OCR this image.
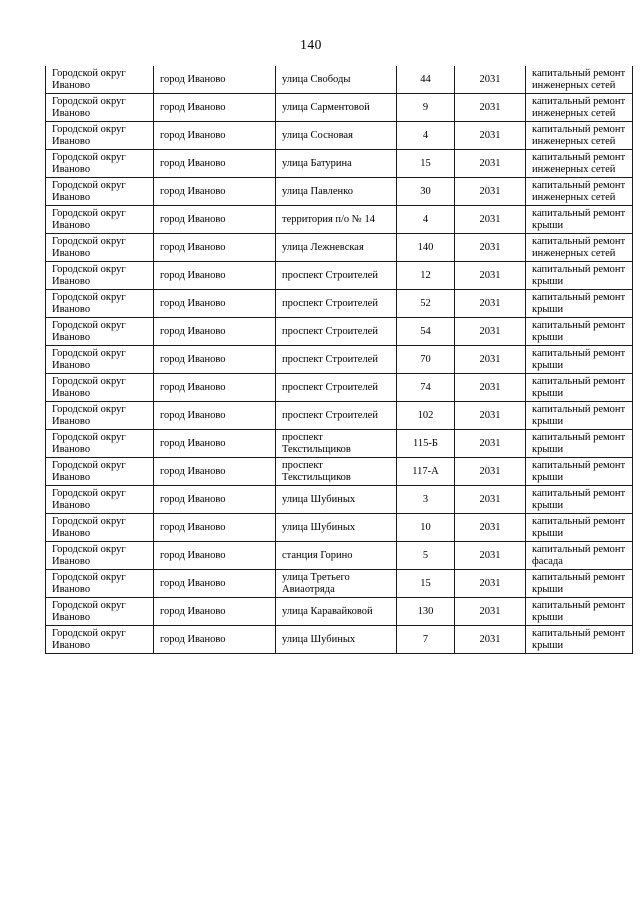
140
Городской округ Иваново	город Иваново	улица Свободы	44	2031	капитальный ремонт инженерных сетей
Городской округ Иваново	город Иваново	улица Сарментовой	9	2031	капитальный ремонт инженерных сетей
Городской округ Иваново	город Иваново	улица Сосновая	4	2031	капитальный ремонт инженерных сетей
Городской округ Иваново	город Иваново	улица Батурина	15	2031	капитальный ремонт инженерных сетей
Городской округ Иваново	город Иваново	улица Павленко	30	2031	капитальный ремонт инженерных сетей
Городской округ Иваново	город Иваново	территория п/о № 14	4	2031	капитальный ремонт крыши
Городской округ Иваново	город Иваново	улица Лежневская	140	2031	капитальный ремонт инженерных сетей
Городской округ Иваново	город Иваново	проспект Строителей	12	2031	капитальный ремонт крыши
Городской округ Иваново	город Иваново	проспект Строителей	52	2031	капитальный ремонт крыши
Городской округ Иваново	город Иваново	проспект Строителей	54	2031	капитальный ремонт крыши
Городской округ Иваново	город Иваново	проспект Строителей	70	2031	капитальный ремонт крыши
Городской округ Иваново	город Иваново	проспект Строителей	74	2031	капитальный ремонт крыши
Городской округ Иваново	город Иваново	проспект Строителей	102	2031	капитальный ремонт крыши
Городской округ Иваново	город Иваново	проспект Текстильщиков	115-Б	2031	капитальный ремонт крыши
Городской округ Иваново	город Иваново	проспект Текстильщиков	117-А	2031	капитальный ремонт крыши
Городской округ Иваново	город Иваново	улица Шубиных	3	2031	капитальный ремонт крыши
Городской округ Иваново	город Иваново	улица Шубиных	10	2031	капитальный ремонт крыши
Городской округ Иваново	город Иваново	станция Горино	5	2031	капитальный ремонт фасада
Городской округ Иваново	город Иваново	улица Третьего Авиаотряда	15	2031	капитальный ремонт крыши
Городской округ Иваново	город Иваново	улица Каравайковой	130	2031	капитальный ремонт крыши
Городской округ Иваново	город Иваново	улица Шубиных	7	2031	капитальный ремонт крыши
